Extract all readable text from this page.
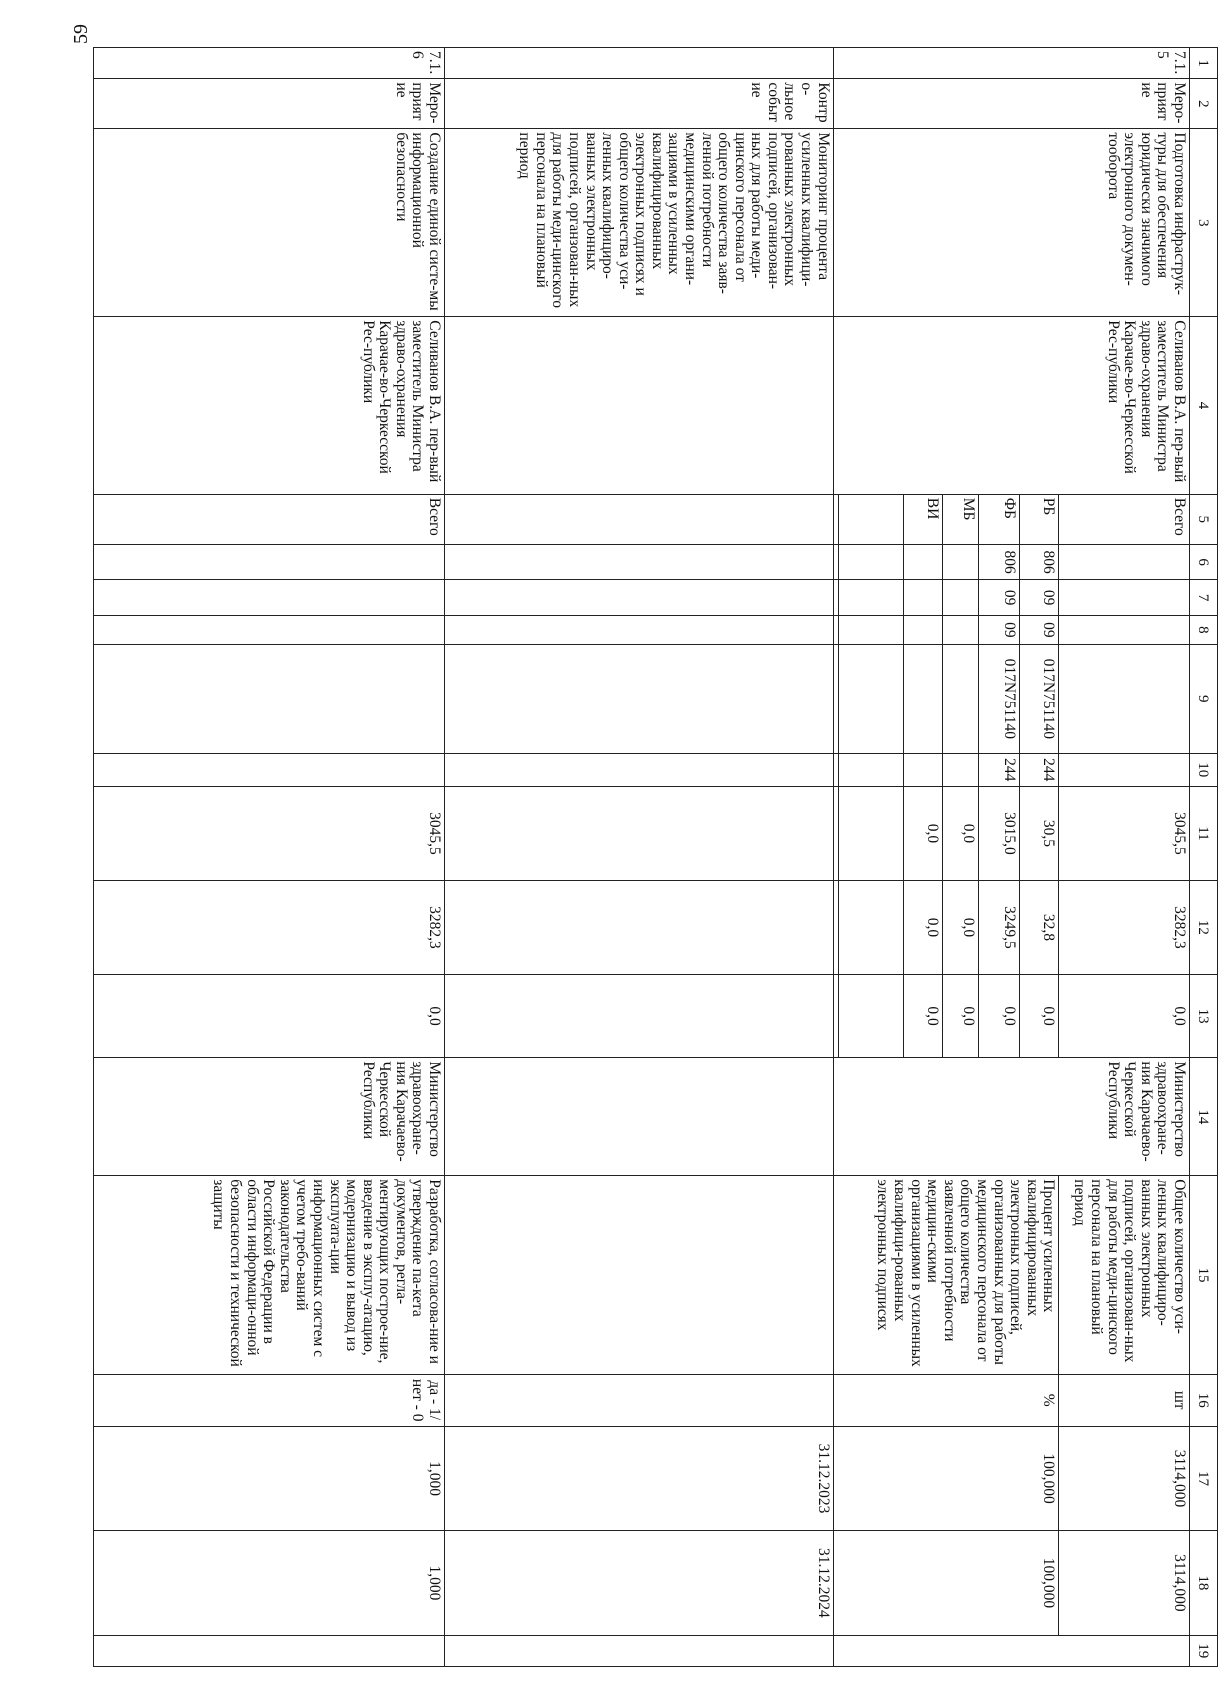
59
1	2	3	4	5	6	7	8	9	10	11	12	13	14	15	16	17	18	19
7.1.5	Меро-приятие	Подготовка инфраструк-туры для обеспечения юридически значимого электронного докумен-тооборота	Селиванов В.А. пер-вый заместитель Министра здраво-охранения Карачае-во-Черкесской Рес-публики	Всего						3045,5	3282,3	0,0	Министерство здравоохране-ния Карачаево-Черкесской Республики	Общее количество уси-ленных квалифициро-ванных электронных подписей, организован-ных для работы меди-цинского персонала на плановый период	шт	3114,000	3114,000	
				РБ	806	09	09	017N751140	244	30,5	32,8	0,0		Процент усиленных квалифицированных электронных подписей, организованных для работы медицинского персонала от общего количества заявленной потребности медицин-скими организациями в усиленных квалифици-рованных электронных подписях	%	100,000	100,000	
				ФБ	806	09	09	017N751140	244	3015,0	3249,5	0,0						
				МБ						0,0	0,0	0,0						
				ВИ						0,0	0,0	0,0						

	Контро-льное событие	Мониторинг процента усиленных квалифици-рованных электронных подписей, организован-ных для работы меди-цинского персонала от общего количества заяв-ленной потребности медицинскими органи-зациями в усиленных квалифицированных электронных подписях и общего количества уси-ленных квалифициро-ванных электронных подписей, органзован-ных для работы меди-цинского персонала на плановый период														31.12.2023	31.12.2024	
7.1.6	Меро-приятие	Создание единой систе-мы информационной безопасности	Селиванов В.А. пер-вый заместитель Министра здраво-охранения Карачае-во-Черкесской Рес-публики	Всего						3045,5	3282,3	0,0	Министерство здравоохране-ния Карачаево-Черкесской Республики	Разработка, согласова-ние и утверждение па-кета документов, регла-ментирующих построе-ние, введение в эксплу-атацию, модернизацию и вывод из эксплуата-ции информационных систем с учетом требо-ваний законодательства Российской Федерации в области информаци-онной безопасности и технической защиты	да - 1/ нет - 0	1,000	1,000	
